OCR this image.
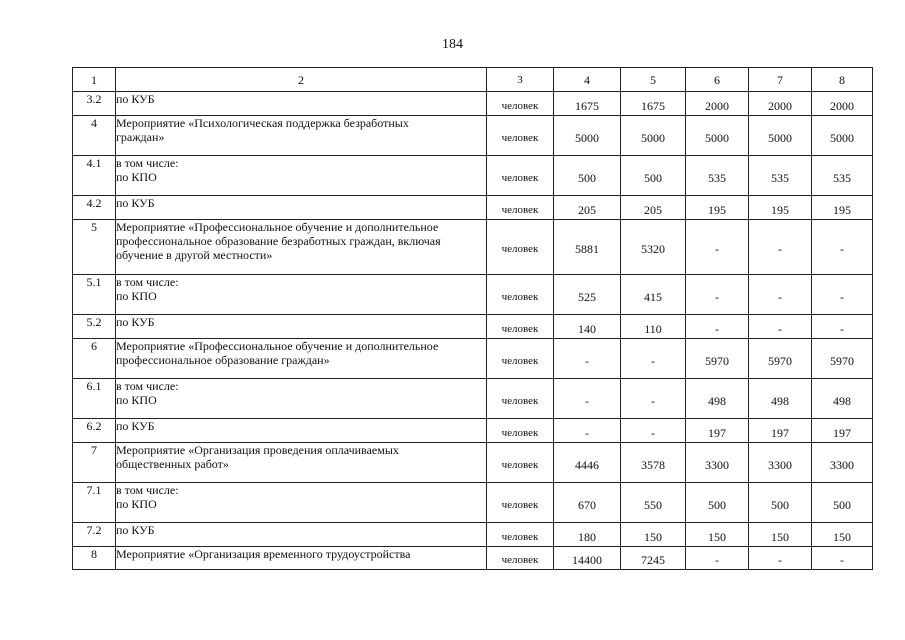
184
1	2	3	4	5	6	7	8
3.2	по КУБ	человек	1675	1675	2000	2000	2000
4	Мероприятие «Психологическая поддержка безработных
граждан»	человек	5000	5000	5000	5000	5000
4.1	в том числе:
по КПО	человек	500	500	535	535	535
4.2	по КУБ	человек	205	205	195	195	195
5	Мероприятие «Профессиональное обучение и дополнительное
профессиональное образование безработных граждан, включая
обучение в другой местности»	человек	5881	5320	-	-	-
5.1	в том числе:
по КПО	человек	525	415	-	-	-
5.2	по КУБ	человек	140	110	-	-	-
6	Мероприятие «Профессиональное обучение и дополнительное
профессиональное образование граждан»	человек	-	-	5970	5970	5970
6.1	в том числе:
по КПО	человек	-	-	498	498	498
6.2	по КУБ	человек	-	-	197	197	197
7	Мероприятие «Организация проведения оплачиваемых
общественных работ»	человек	4446	3578	3300	3300	3300
7.1	в том числе:
по КПО	человек	670	550	500	500	500
7.2	по КУБ	человек	180	150	150	150	150
8	Мероприятие «Организация временного трудоустройства	человек	14400	7245	-	-	-
